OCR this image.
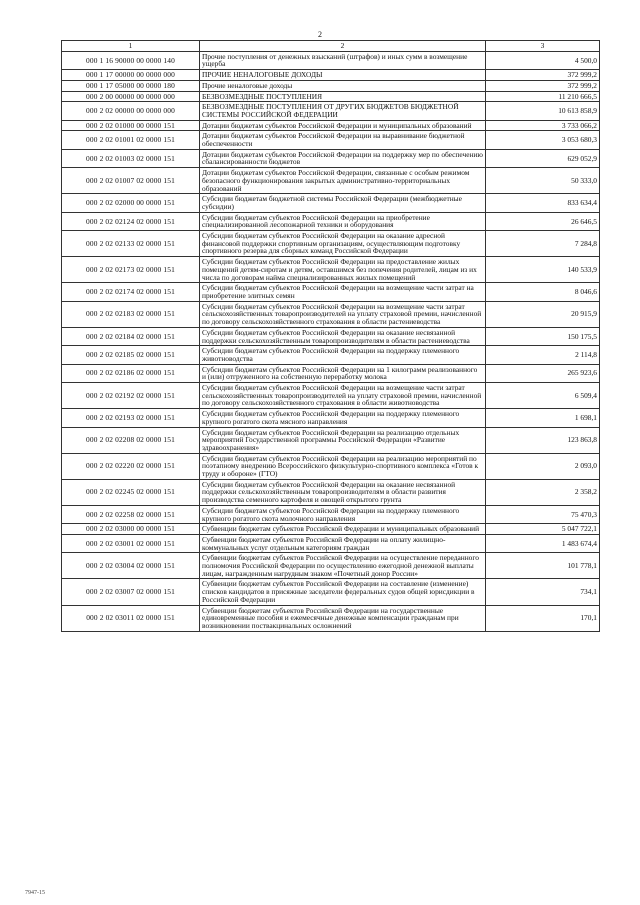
2
1	2	3
000 1 16 90000 00 0000 140	Прочие поступления от денежных взысканий (штрафов) и иных сумм в возмещение ущерба	4 500,0
000 1 17 00000 00 0000 000	ПРОЧИЕ НЕНАЛОГОВЫЕ ДОХОДЫ	372 999,2
000 1 17 05000 00 0000 180	Прочие неналоговые доходы	372 999,2
000 2 00 00000 00 0000 000	БЕЗВОЗМЕЗДНЫЕ ПОСТУПЛЕНИЯ	11 210 666,5
000 2 02 00000 00 0000 000	БЕЗВОЗМЕЗДНЫЕ ПОСТУПЛЕНИЯ ОТ ДРУГИХ БЮДЖЕТОВ БЮДЖЕТНОЙ СИСТЕМЫ РОССИЙСКОЙ ФЕДЕРАЦИИ	10 613 858,9
000 2 02 01000 00 0000 151	Дотации бюджетам субъектов Российской Федерации и муниципальных образований	3 733 066,2
000 2 02 01001 02 0000 151	Дотации бюджетам субъектов Российской Федерации на выравнивание бюджетной обеспеченности	3 053 680,3
000 2 02 01003 02 0000 151	Дотации бюджетам субъектов Российской Федерации на поддержку мер по обеспечению сбалансированности бюджетов	629 052,9
000 2 02 01007 02 0000 151	Дотации бюджетам субъектов Российской Федерации, связанные с особым режимом безопасного функционирования закрытых административно-территориальных образований	50 333,0
000 2 02 02000 00 0000 151	Субсидии бюджетам бюджетной системы Российской Федерации (межбюджетные субсидии)	833 634,4
000 2 02 02124 02 0000 151	Субсидии бюджетам субъектов Российской Федерации на приобретение специализированной лесопожарной техники и оборудования	26 646,5
000 2 02 02133 02 0000 151	Субсидии бюджетам субъектов Российской Федерации на оказание адресной финансовой поддержки спортивным организациям, осуществляющим подготовку спортивного резерва для сборных команд Российской Федерации	7 284,8
000 2 02 02173 02 0000 151	Субсидии бюджетам субъектов Российской Федерации на предоставление жилых помещений детям-сиротам и детям, оставшимся без попечения родителей, лицам из их числа по договорам найма специализированных жилых помещений	140 533,9
000 2 02 02174 02 0000 151	Субсидии бюджетам субъектов Российской Федерации на возмещение части затрат на приобретение элитных семян	8 046,6
000 2 02 02183 02 0000 151	Субсидии бюджетам субъектов Российской Федерации на возмещение части затрат сельскохозяйственных товаропроизводителей на уплату страховой премии, начисленной по договору сельскохозяйственного страхования в области растениеводства	20 915,9
000 2 02 02184 02 0000 151	Субсидии бюджетам субъектов Российской Федерации на оказание несвязанной поддержки сельскохозяйственным товаропроизводителям в области растениеводства	150 175,5
000 2 02 02185 02 0000 151	Субсидии бюджетам субъектов Российской Федерации на поддержку племенного животноводства	2 114,8
000 2 02 02186 02 0000 151	Субсидии бюджетам субъектов Российской Федерации на 1 килограмм реализованного и (или) отгруженного на собственную переработку молока	265 923,6
000 2 02 02192 02 0000 151	Субсидии бюджетам субъектов Российской Федерации на возмещение части затрат сельскохозяйственных товаропроизводителей на уплату страховой премии, начисленной по договору сельскохозяйственного страхования в области животноводства	6 509,4
000 2 02 02193 02 0000 151	Субсидии бюджетам субъектов Российской Федерации на поддержку племенного крупного рогатого скота мясного направления	1 698,1
000 2 02 02208 02 0000 151	Субсидии бюджетам субъектов Российской Федерации на реализацию отдельных мероприятий Государственной программы Российской Федерации «Развитие здравоохранения»	123 863,8
000 2 02 02220 02 0000 151	Субсидии бюджетам субъектов Российской Федерации на реализацию мероприятий по поэтапному внедрению Всероссийского физкультурно-спортивного комплекса «Готов к труду и обороне» (ГТО)	2 093,0
000 2 02 02245 02 0000 151	Субсидии бюджетам субъектов Российской Федерации на оказание несвязанной поддержки сельскохозяйственным товаропроизводителям в области развития производства семенного картофеля и овощей открытого грунта	2 358,2
000 2 02 02258 02 0000 151	Субсидии бюджетам субъектов Российской Федерации на поддержку племенного крупного рогатого скота молочного направления	75 470,3
000 2 02 03000 00 0000 151	Субвенции бюджетам субъектов Российской Федерации и муниципальных образований	5 047 722,1
000 2 02 03001 02 0000 151	Субвенции бюджетам субъектов Российской Федерации на оплату жилищно-коммунальных услуг отдельным категориям граждан	1 483 674,4
000 2 02 03004 02 0000 151	Субвенции бюджетам субъектов Российской Федерации на осуществление переданного полномочия Российской Федерации по осуществлению ежегодной денежной выплаты лицам, награжденным нагрудным знаком «Почетный донор России»	101 778,1
000 2 02 03007 02 0000 151	Субвенции бюджетам субъектов Российской Федерации на составление (изменение) списков кандидатов в присяжные заседатели федеральных судов общей юрисдикции в Российской Федерации	734,1
000 2 02 03011 02 0000 151	Субвенции бюджетам субъектов Российской Федерации на государственные единовременные пособия и ежемесячные денежные компенсации гражданам при возникновении поствакцинальных осложнений	170,1
7947-15
